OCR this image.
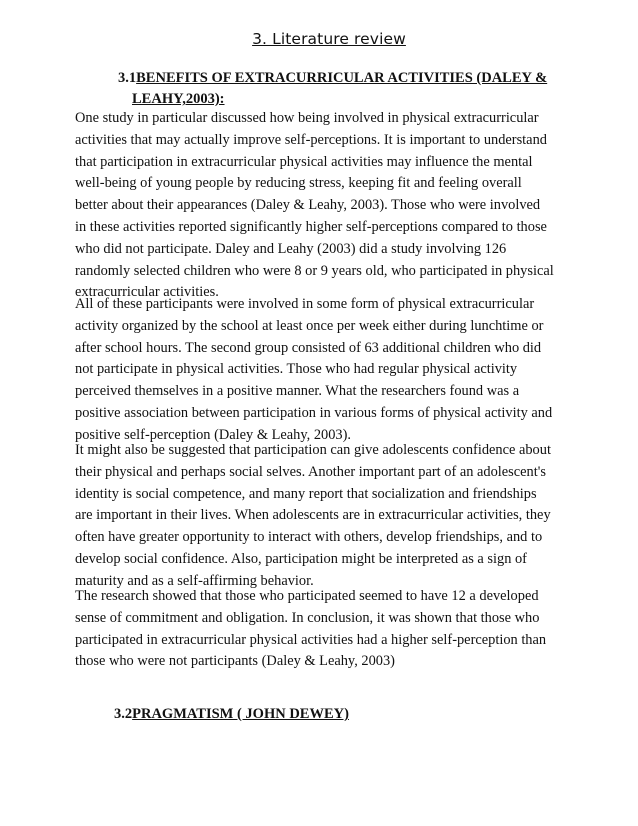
3. Literature review
3.1BENEFITS OF EXTRACURRICULAR ACTIVITIES (DALEY &
LEAHY,2003):
One study in particular discussed how being involved in physical extracurricular
activities that may actually improve self-perceptions. It is important to understand
that participation in extracurricular physical activities may influence the mental
well-being of young people by reducing stress, keeping fit and feeling overall
better about their appearances (Daley & Leahy, 2003). Those who were involved
in these activities reported significantly higher self-perceptions compared to those
who did not participate. Daley and Leahy (2003) did a study involving 126
randomly selected children who were 8 or 9 years old, who participated in physical
extracurricular activities.
All of these participants were involved in some form of physical extracurricular
activity organized by the school at least once per week either during lunchtime or
after school hours. The second group consisted of 63 additional children who did
not participate in physical activities. Those who had regular physical activity
perceived themselves in a positive manner. What the researchers found was a
positive association between participation in various forms of physical activity and
positive self-perception (Daley & Leahy, 2003).
It might also be suggested that participation can give adolescents confidence about
their physical and perhaps social selves. Another important part of an adolescent's
identity is social competence, and many report that socialization and friendships
are important in their lives. When adolescents are in extracurricular activities, they
often have greater opportunity to interact with others, develop friendships, and to
develop social confidence. Also, participation might be interpreted as a sign of
maturity and as a self-affirming behavior.
The research showed that those who participated seemed to have 12 a developed
sense of commitment and obligation. In conclusion, it was shown that those who
participated in extracurricular physical activities had a higher self-perception than
those who were not participants (Daley & Leahy, 2003)
3.2PRAGMATISM ( JOHN DEWEY)
